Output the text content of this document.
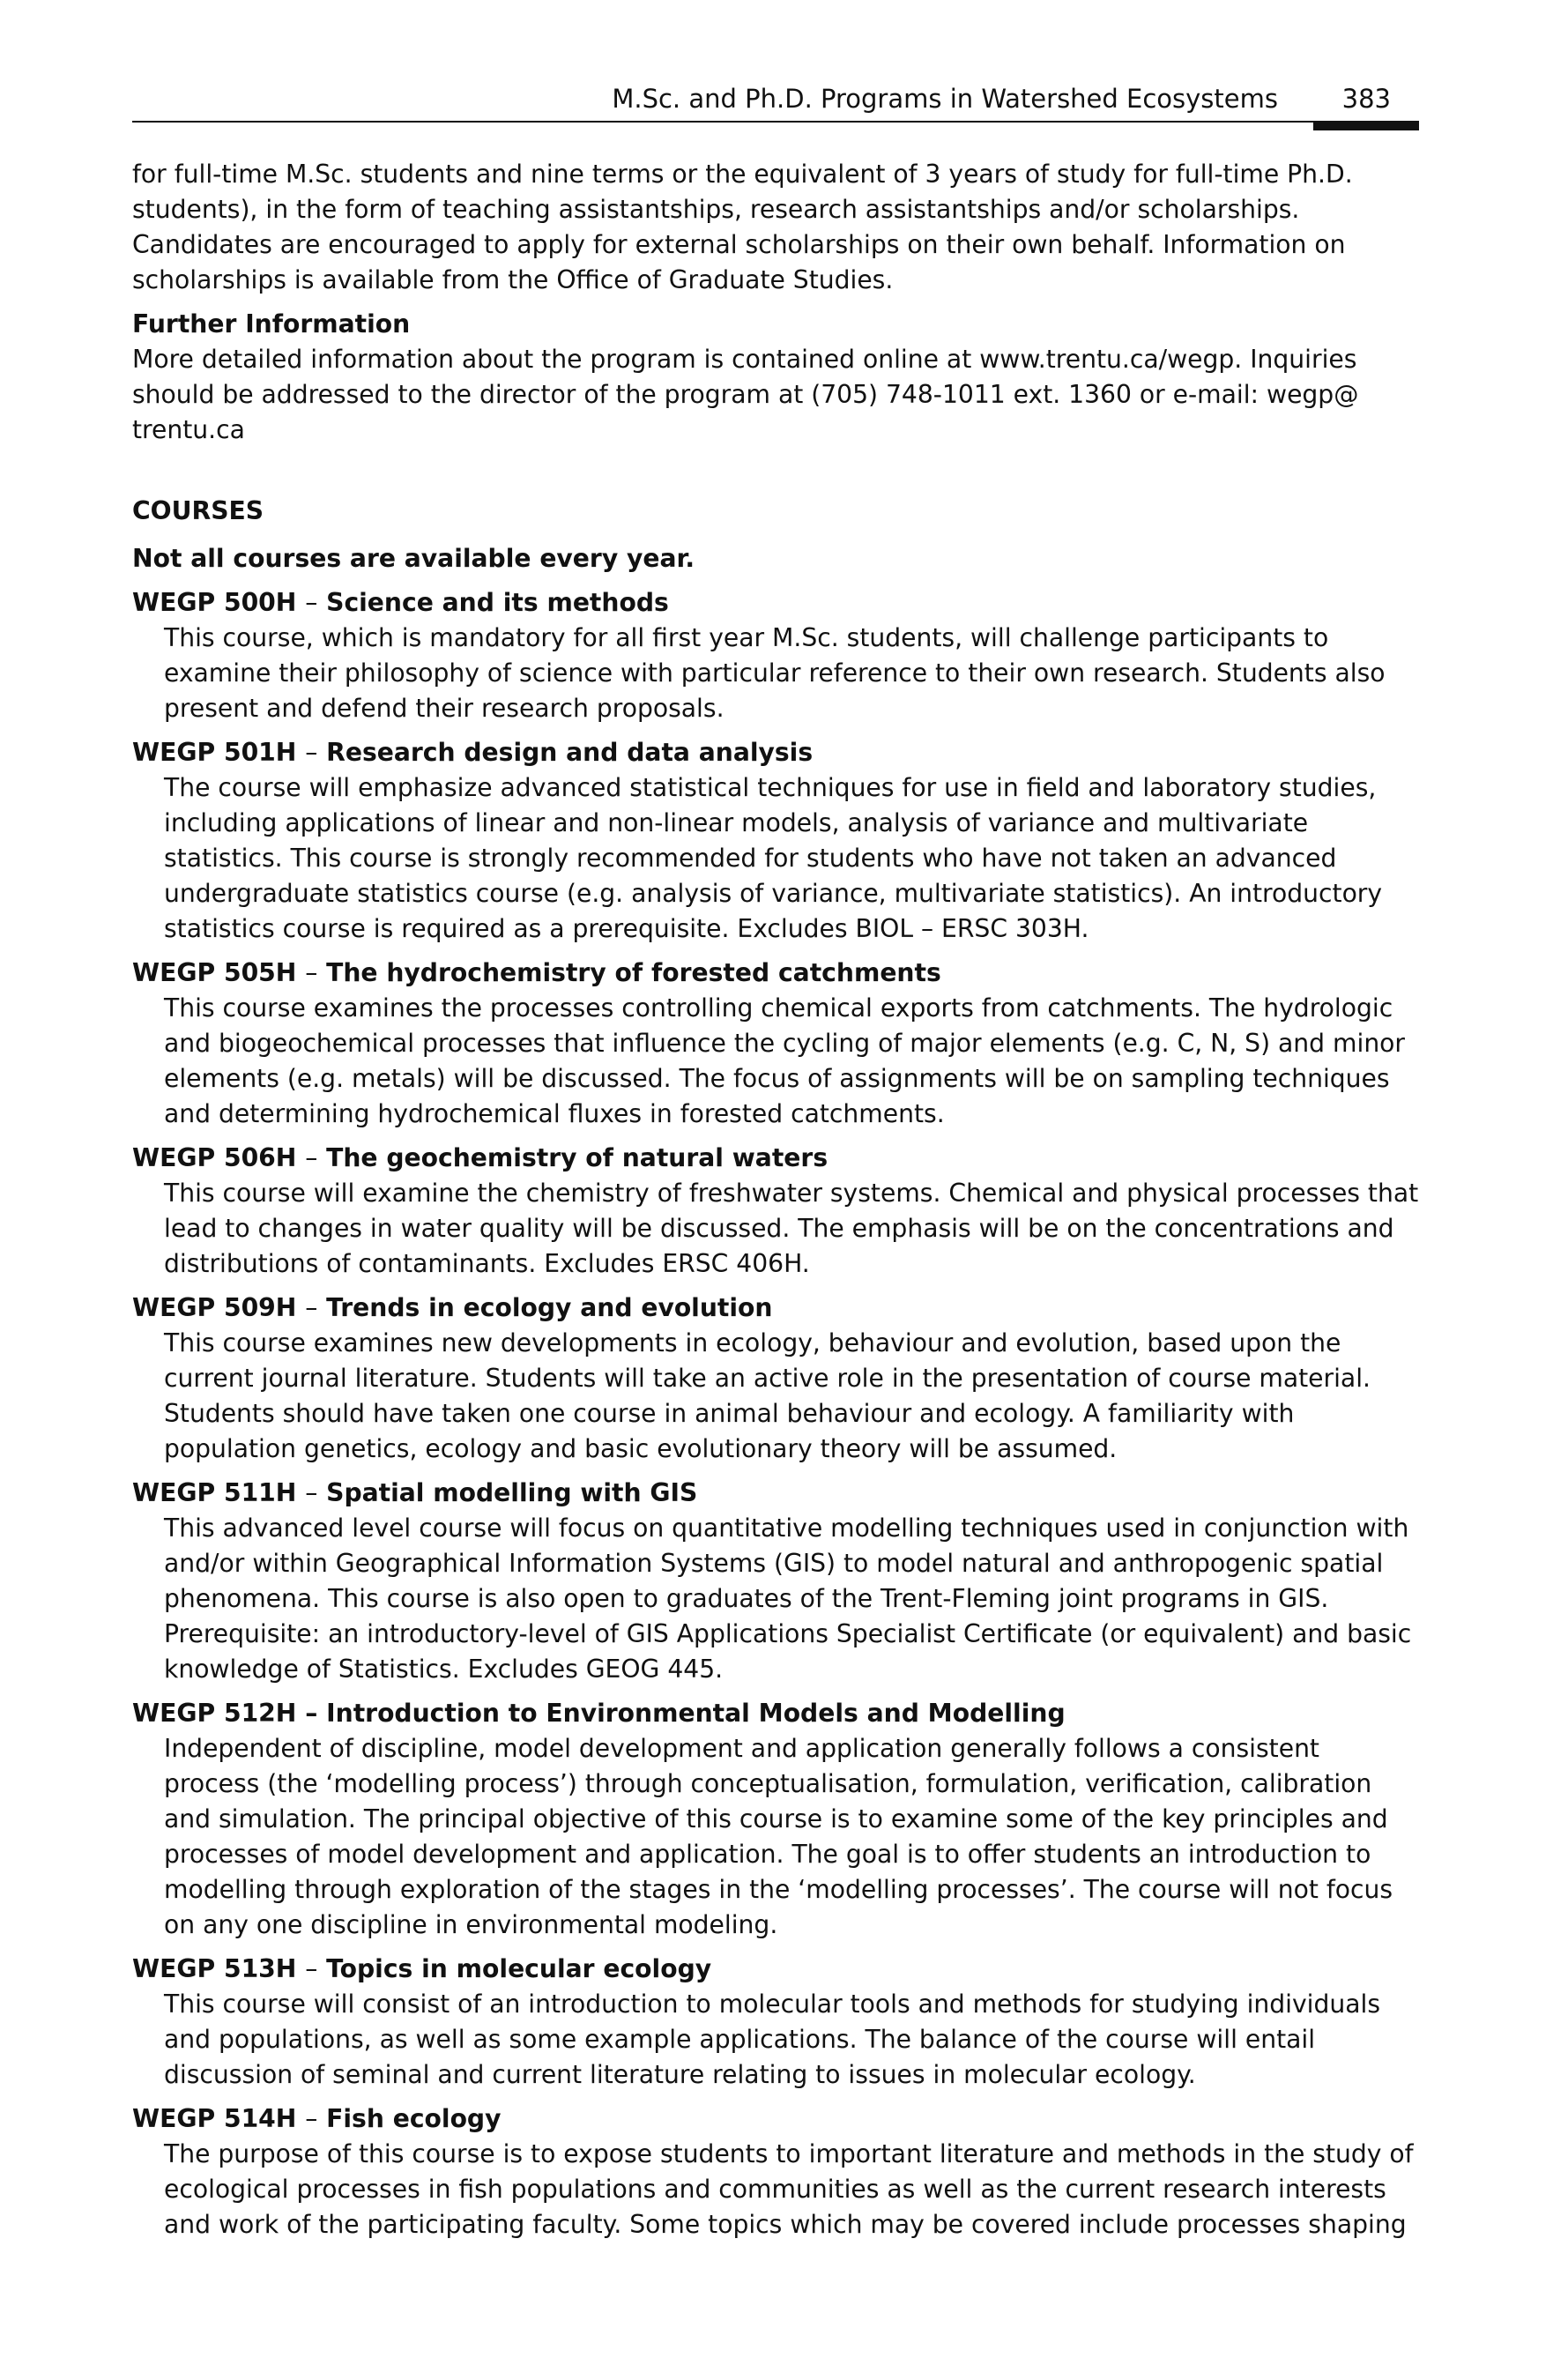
M.Sc. and Ph.D. Programs in Watershed Ecosystems	383

for full-time M.Sc. students and nine terms or the equivalent of 3 years of study for full-time Ph.D. students), in the form of teaching assistantships, research assistantships and/or scholarships. Candidates are encouraged to apply for external scholarships on their own behalf. Information on scholarships is available from the Office of Graduate Studies.

Further Information

More detailed information about the program is contained online at www.trentu.ca/wegp. Inquiries should be addressed to the director of the program at (705) 748-1011 ext. 1360 or e-mail: wegp@ trentu.ca

COURSES

Not all courses are available every year.

WEGP 500H – Science and its methods

This course, which is mandatory for all first year M.Sc. students, will challenge participants to examine their philosophy of science with particular reference to their own research. Students also present and defend their research proposals.

WEGP 501H – Research design and data analysis

The course will emphasize advanced statistical techniques for use in field and laboratory studies, including applications of linear and non-linear models, analysis of variance and multivariate statistics. This course is strongly recommended for students who have not taken an advanced undergraduate statistics course (e.g. analysis of variance, multivariate statistics). An introductory statistics course is required as a prerequisite. Excludes BIOL – ERSC 303H.

WEGP 505H – The hydrochemistry of forested catchments

This course examines the processes controlling chemical exports from catchments. The hydrologic and biogeochemical processes that influence the cycling of major elements (e.g. C, N, S) and minor elements (e.g. metals) will be discussed. The focus of assignments will be on sampling techniques and determining hydrochemical fluxes in forested catchments.

WEGP 506H – The geochemistry of natural waters

This course will examine the chemistry of freshwater systems. Chemical and physical processes that lead to changes in water quality will be discussed. The emphasis will be on the concentrations and distributions of contaminants. Excludes ERSC 406H.

WEGP 509H – Trends in ecology and evolution

This course examines new developments in ecology, behaviour and evolution, based upon the current journal literature. Students will take an active role in the presentation of course material. Students should have taken one course in animal behaviour and ecology. A familiarity with population genetics, ecology and basic evolutionary theory will be assumed.

WEGP 511H – Spatial modelling with GIS

This advanced level course will focus on quantitative modelling techniques used in conjunction with and/or within Geographical Information Systems (GIS) to model natural and anthropogenic spatial phenomena. This course is also open to graduates of the Trent-Fleming joint programs in GIS. Prerequisite: an introductory-level of GIS Applications Specialist Certificate (or equivalent) and basic knowledge of Statistics. Excludes GEOG 445.

WEGP 512H – Introduction to Environmental Models and Modelling

Independent of discipline, model development and application generally follows a consistent process (the ‘modelling process’) through conceptualisation, formulation, verification, calibration and simulation. The principal objective of this course is to examine some of the key principles and processes of model development and application. The goal is to offer students an introduction to modelling through exploration of the stages in the ‘modelling processes’. The course will not focus on any one discipline in environmental modeling.

WEGP 513H – Topics in molecular ecology

This course will consist of an introduction to molecular tools and methods for studying individuals and populations, as well as some example applications. The balance of the course will entail discussion of seminal and current literature relating to issues in molecular ecology.

WEGP 514H – Fish ecology

The purpose of this course is to expose students to important literature and methods in the study of ecological processes in fish populations and communities as well as the current research interests and work of the participating faculty. Some topics which may be covered include processes shaping
